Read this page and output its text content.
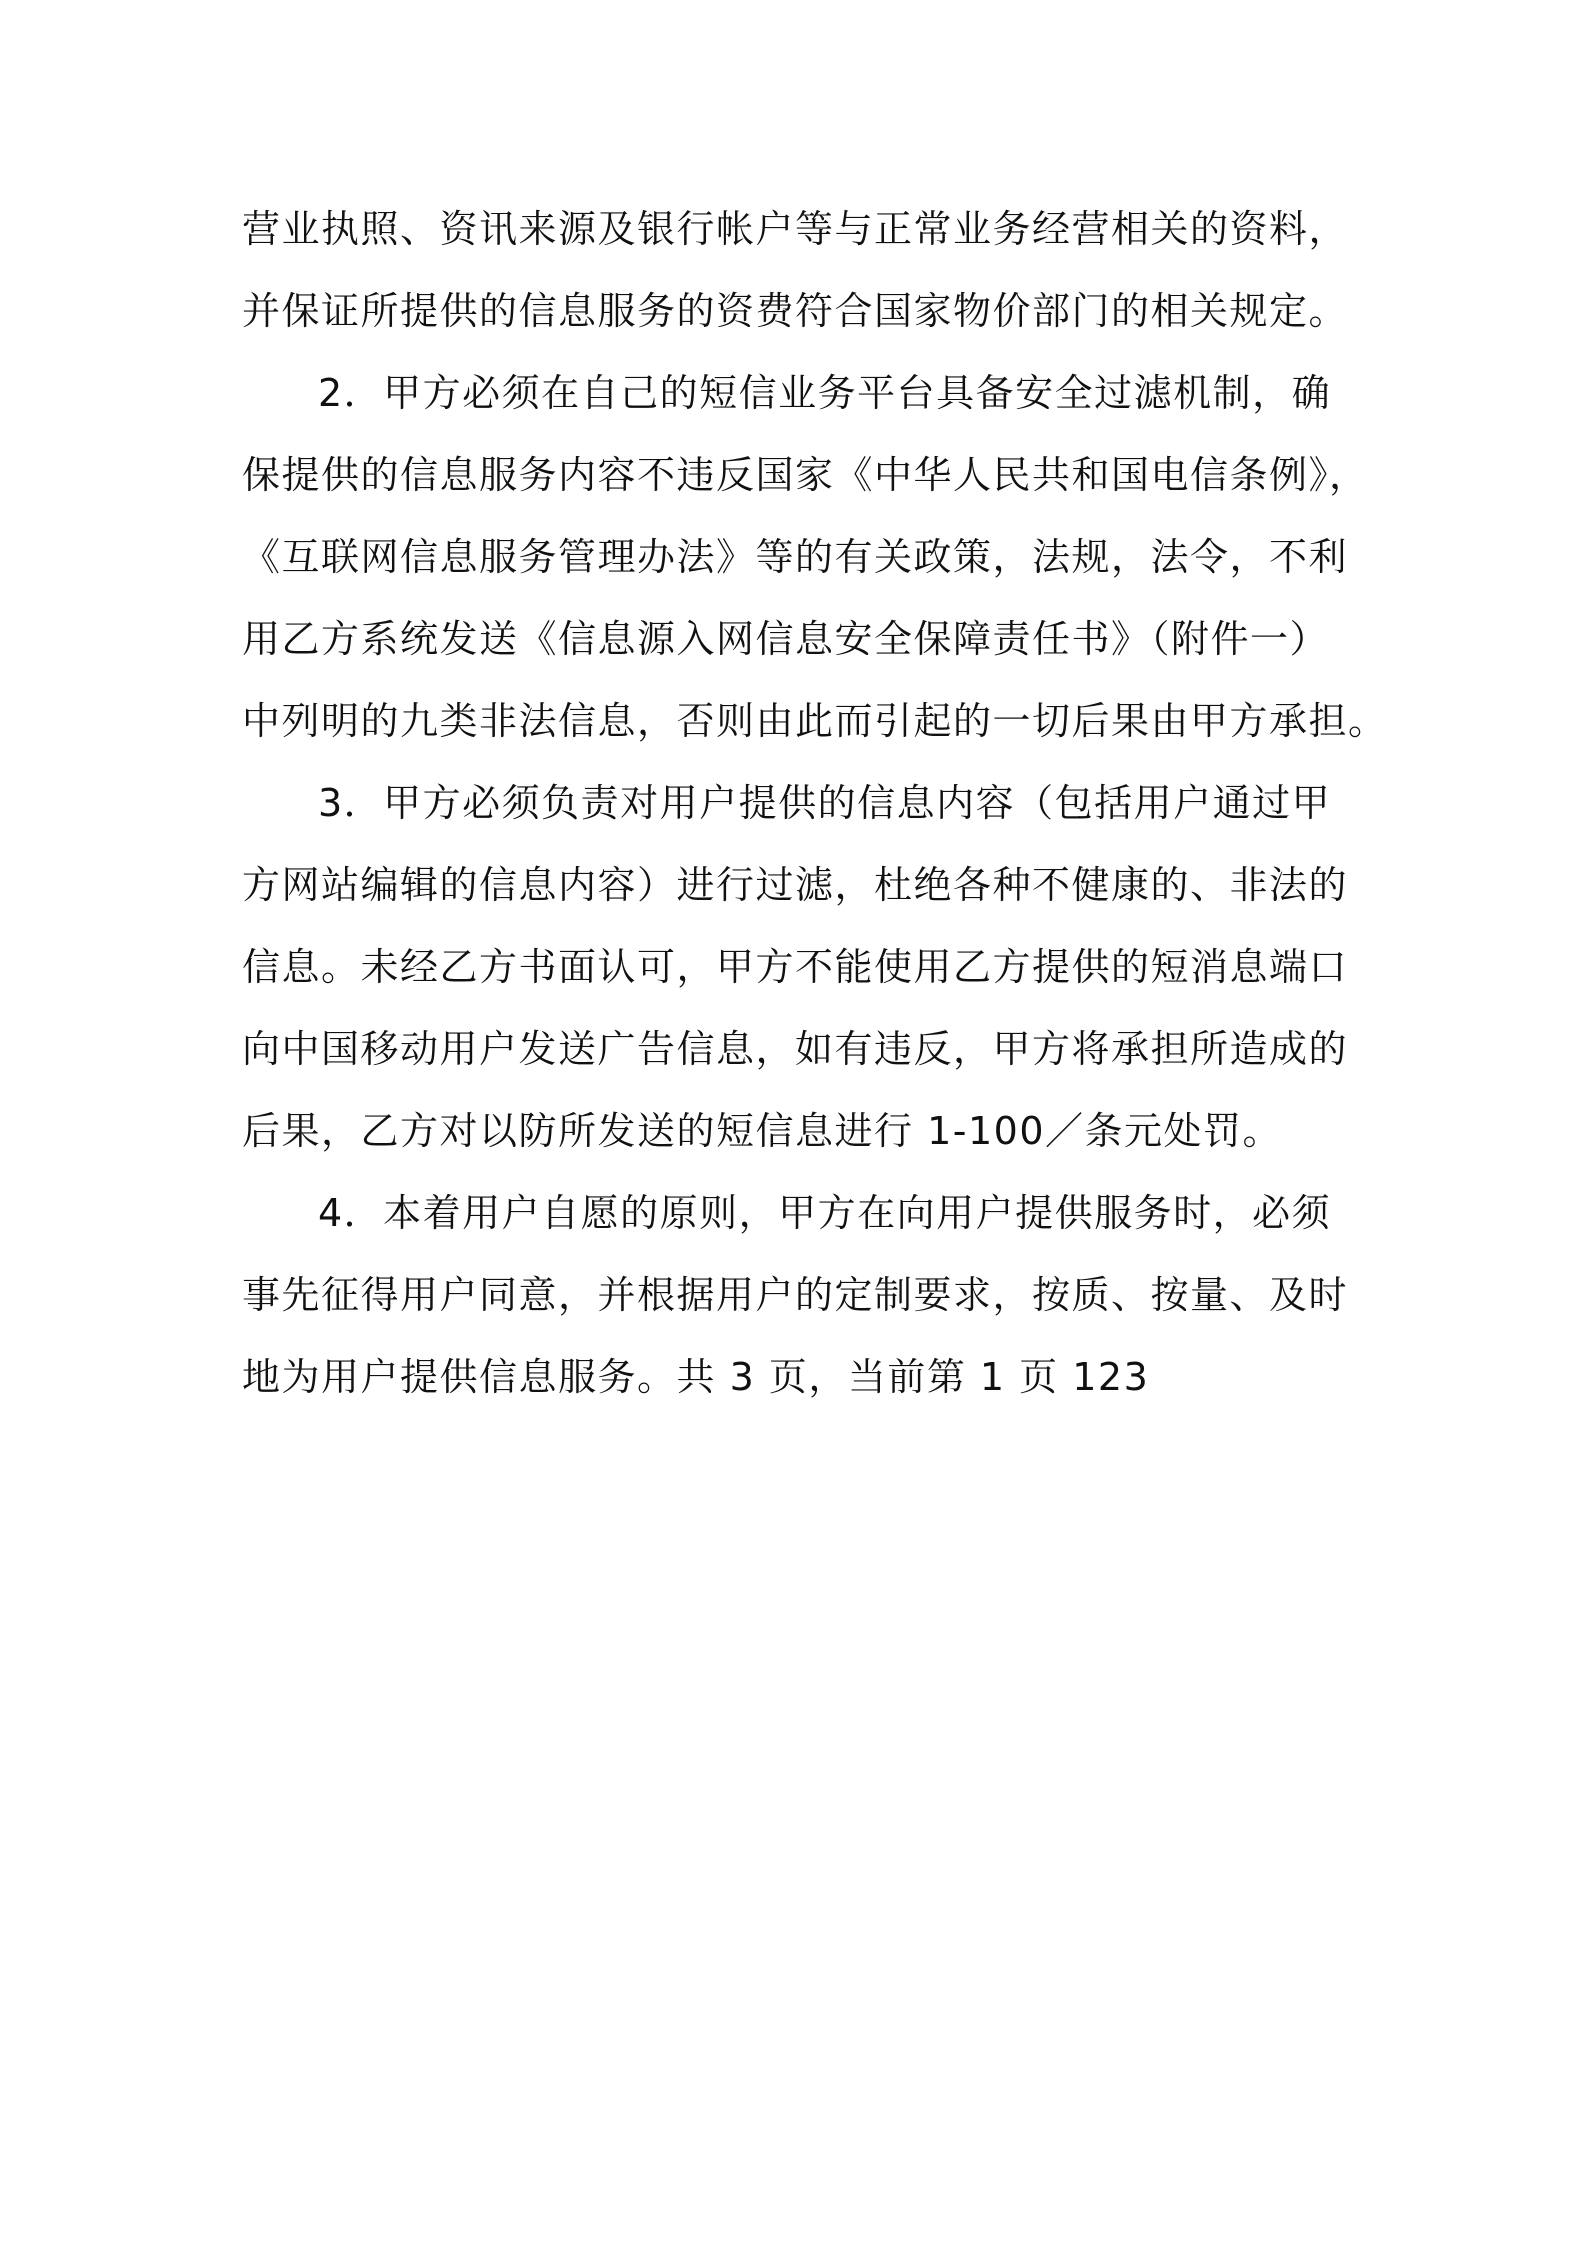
营业执照、资讯来源及银行帐户等与正常业务经营相关的资料，

并保证所提供的信息服务的资费符合国家物价部门的相关规定。

2．甲方必须在自己的短信业务平台具备安全过滤机制，确

保提供的信息服务内容不违反国家《中华人民共和国电信条例》，

《互联网信息服务管理办法》等的有关政策，法规，法令，不利

用乙方系统发送《信息源入网信息安全保障责任书》（附件一）

中列明的九类非法信息，否则由此而引起的一切后果由甲方承担。

3．甲方必须负责对用户提供的信息内容（包括用户通过甲

方网站编辑的信息内容）进行过滤，杜绝各种不健康的、非法的

信息。未经乙方书面认可，甲方不能使用乙方提供的短消息端口

向中国移动用户发送广告信息，如有违反，甲方将承担所造成的

后果，乙方对以防所发送的短信息进行 1-100／条元处罚。

4．本着用户自愿的原则，甲方在向用户提供服务时，必须

事先征得用户同意，并根据用户的定制要求，按质、按量、及时

地为用户提供信息服务。共 3 页，当前第 1 页 123
